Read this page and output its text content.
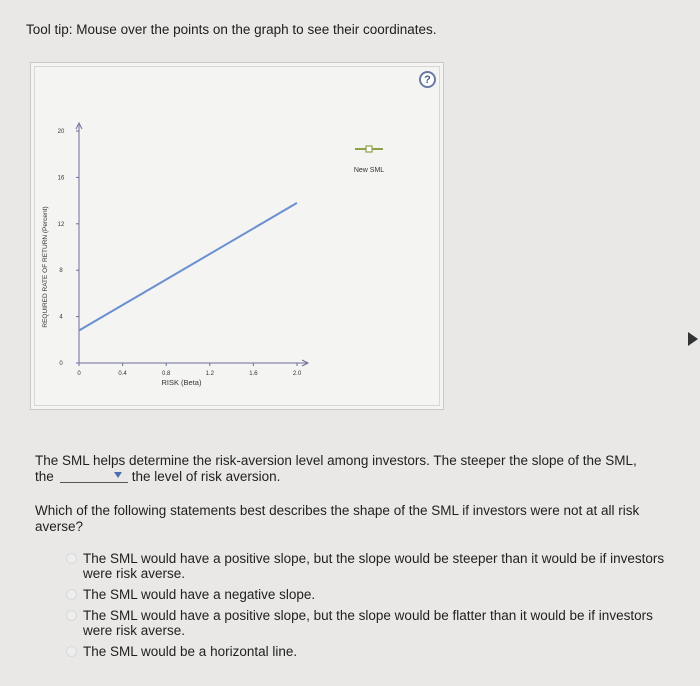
Tool tip: Mouse over the points on the graph to see their coordinates.
?
0
4
8
12
16
20
0	0.4	0.8	1.2	1.6	2.0
RISK (Beta)
REQUIRED RATE OF RETURN (Percent)
New SML
The SML helps determine the risk-aversion level among investors. The steeper the slope of the SML, the	the level of risk aversion.
Which of the following statements best describes the shape of the SML if investors were not at all risk averse?
The SML would have a positive slope, but the slope would be steeper than it would be if investors were risk averse.
The SML would have a negative slope.
The SML would have a positive slope, but the slope would be flatter than it would be if investors were risk averse.
The SML would be a horizontal line.
